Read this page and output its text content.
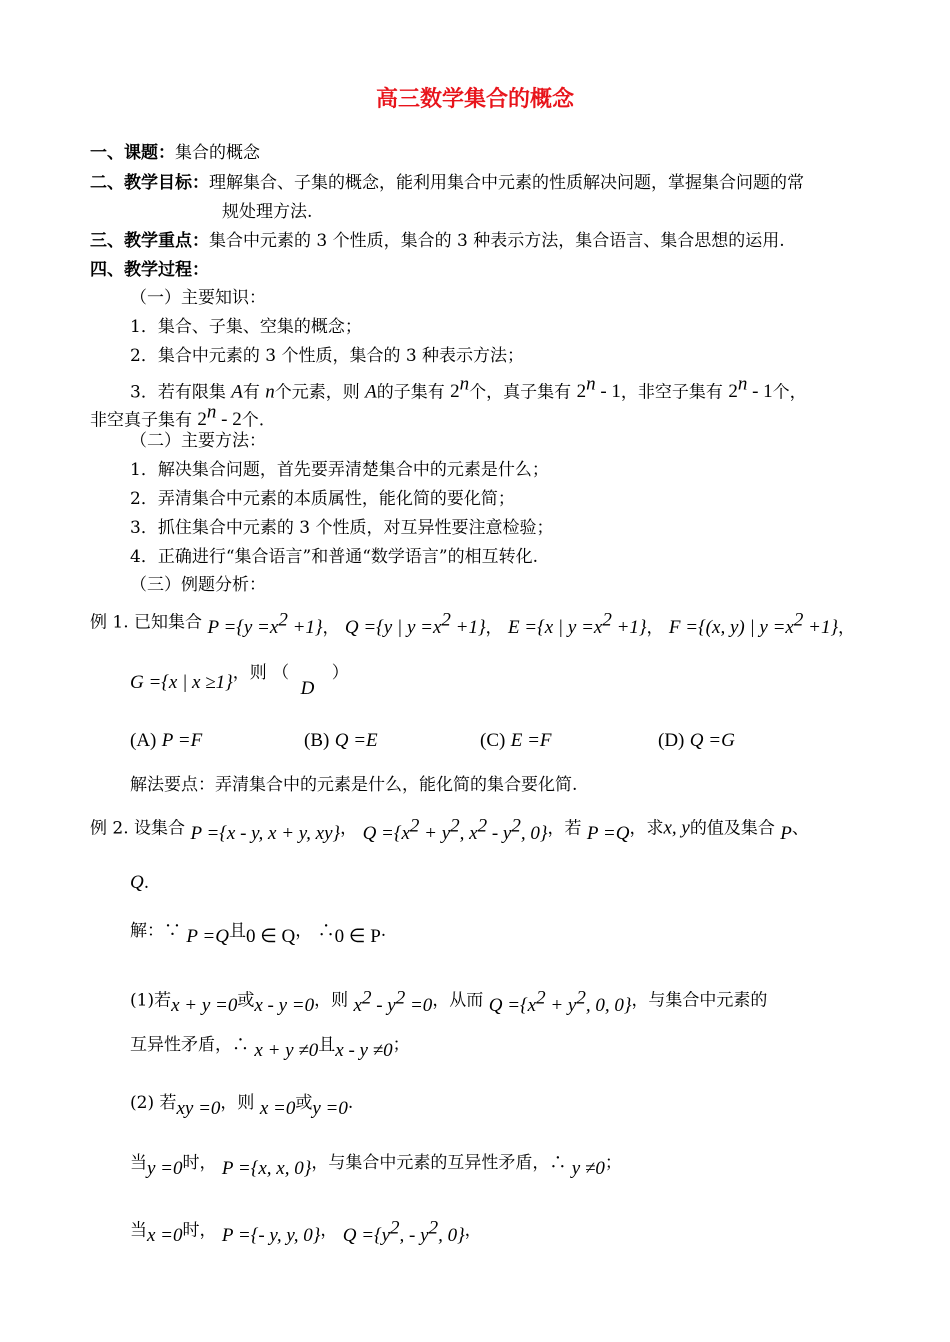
高三数学集合的概念
一、课题：集合的概念
二、教学目标：理解集合、子集的概念，能利用集合中元素的性质解决问题，掌握集合问题的常
规处理方法.
三、教学重点：集合中元素的 3 个性质，集合的 3 种表示方法，集合语言、集合思想的运用.
四、教学过程：
（一）主要知识：
1．集合、子集、空集的概念；
2．集合中元素的 3 个性质，集合的 3 种表示方法；
3．若有限集 A有 n个元素，则 A的子集有 2$^n$个，真子集有 2$^n$ - 1，非空子集有 2$^n$ - 1个，
非空真子集有 2$^n$ - 2个.
（二）主要方法：
1．解决集合问题，首先要弄清楚集合中的元素是什么；
2．弄清集合中元素的本质属性，能化简的要化简；
3．抓住集合中元素的 3 个性质，对互异性要注意检验；
4．正确进行“集合语言”和普通“数学语言”的相互转化.
（三）例题分析：
例 1. 已知集合 $P =\{y =x^2 +1\}$， Q ={y | $y =x^2 +1$}， E ={x | $y =x^2 +1$}， F ={(x, y) | $y =x^2 +1$}，
G ={x | x ≥1}，则 （ D ）
(A) P =F	(B) Q =E	(C) E =F	(D) Q =G
解法要点：弄清集合中的元素是什么，能化简的集合要化简.
例 2. 设集合 P ={x - y, x + y, xy}， $Q =\{x^2 + y^2$, $x^2 - y^2$, 0}，若 P =Q，求x, y的值及集合 P、
Q.
解：∵ P =Q且0 ∈ Q， ∴0 ∈ P.
(1)若x + y =0或x - y =0，则 $x^2 - y^2 =0$，从而 $Q =\{x^2 + y^2$, 0, 0}，与集合中元素的
互异性矛盾，∴ x + y ≠0且x - y ≠0；
(2) 若xy =0，则 x =0或y =0.
当y =0时， P ={x, x, 0}，与集合中元素的互异性矛盾，∴ y ≠0；
当x =0时， P ={- y, y, 0}， $Q =\{y^2$, - $y^2$, 0}，
